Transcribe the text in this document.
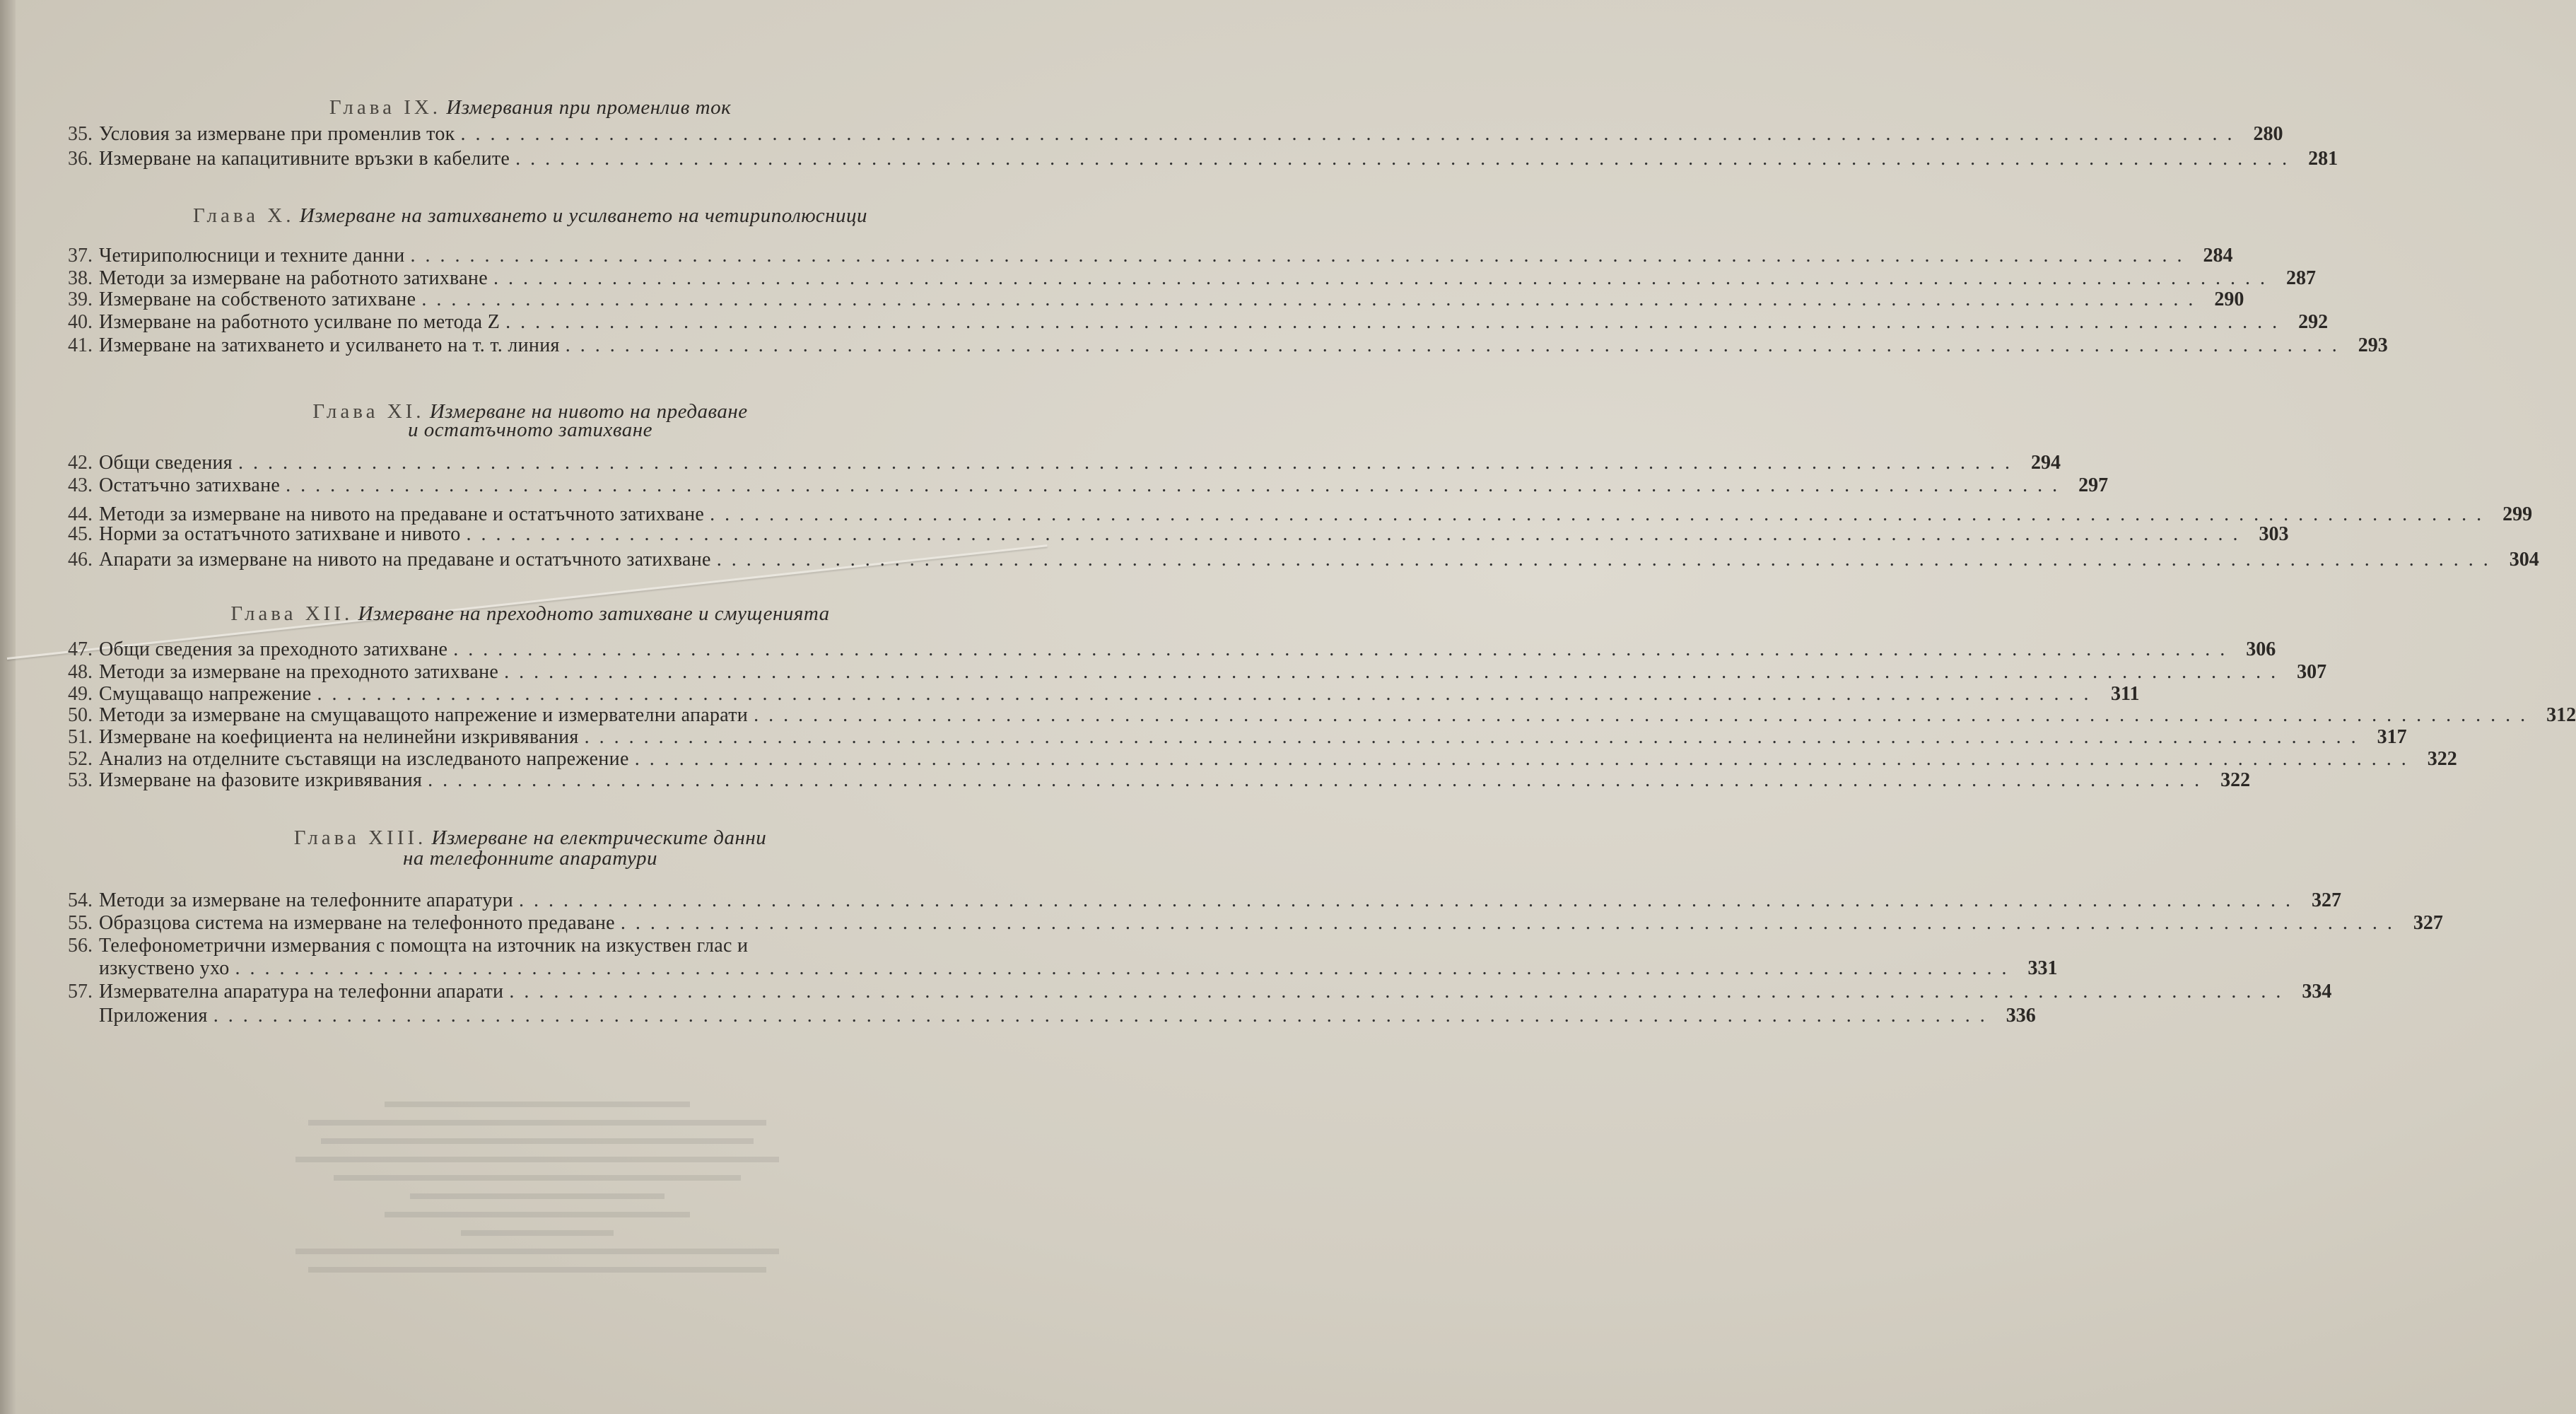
Глава IX. Измервания при променлив ток
35. Условия за измерване при променлив ток ........................................................................................................................ 280
36. Измерване на капацитивните връзки в кабелите ........................................................................................................................ 281
Глава X. Измерване на затихването и усилването на четириполюсници
37. Четириполюсници и техните данни ........................................................................................................................ 284
38. Методи за измерване на работното затихване ........................................................................................................................ 287
39. Измерване на собственото затихване ........................................................................................................................ 290
40. Измерване на работното усилване по метода Z ........................................................................................................................ 292
41. Измерване на затихването и усилването на т. т. линия ........................................................................................................................ 293
Глава XI. Измерване на нивото на предаване
и остатъчното затихване
42. Общи сведения ........................................................................................................................ 294
43. Остатъчно затихване ........................................................................................................................ 297
44. Методи за измерване на нивото на предаване и остатъчното затихване ........................................................................................................................ 299
45. Норми за остатъчното затихване и нивото ........................................................................................................................ 303
46. Апарати за измерване на нивото на предаване и остатъчното затихване ........................................................................................................................ 304
Глава XII. Измерване на преходното затихване и смущенията
47. Общи сведения за преходното затихване ........................................................................................................................ 306
48. Методи за измерване на преходното затихване ........................................................................................................................ 307
49. Смущаващо напрежение ........................................................................................................................ 311
50. Методи за измерване на смущаващото напрежение и измервателни апарати ........................................................................................................................ 312
51. Измерване на коефициента на нелинейни изкривявания ........................................................................................................................ 317
52. Анализ на отделните съставящи на изследваното напрежение ........................................................................................................................ 322
53. Измерване на фазовите изкривявания ........................................................................................................................ 322
Глава XIII. Измерване на електрическите данни
на телефонните апаратури
54. Методи за измерване на телефонните апаратури ........................................................................................................................ 327
55. Образцова система на измерване на телефонното предаване ........................................................................................................................ 327
56. Телефонометрични измервания с помощта на източник на изкуствен глас и
изкуствено ухо ........................................................................................................................ 331
57. Измервателна апаратура на телефонни апарати ........................................................................................................................ 334
Приложения ........................................................................................................................ 336
